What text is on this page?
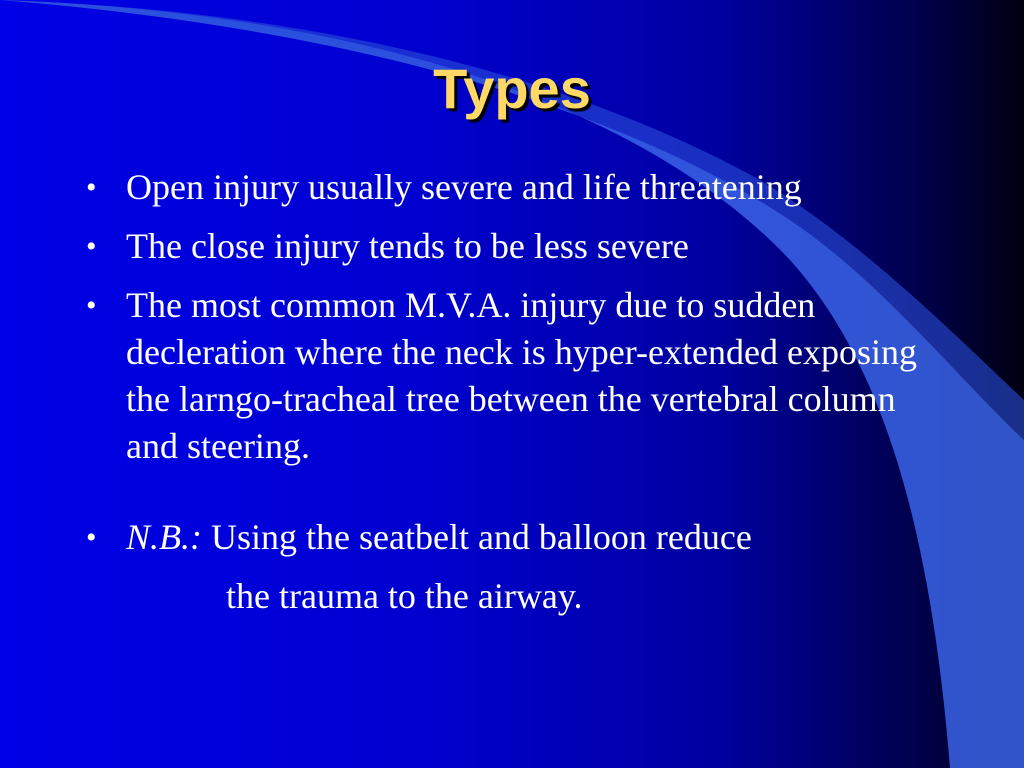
Types
• Open injury usually severe and life threatening
• The close injury tends to be less severe
• The most common M.V.A. injury due to sudden decleration where the neck is hyper-extended exposing the larngo-tracheal tree between the vertebral column and steering.
• N.B.: Using the seatbelt and balloon reduce
the trauma to the airway.
